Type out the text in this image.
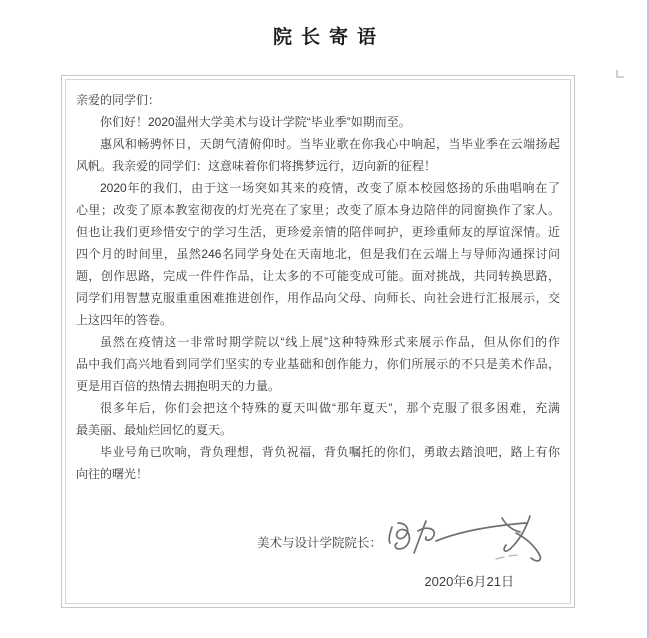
院长寄语
亲爱的同学们：
你们好！2020温州大学美术与设计学院“毕业季”如期而至。
惠风和畅骋怀日，天朗气清俯仰时。当毕业歌在你我心中响起，当毕业季在云端扬起
风帆。我亲爱的同学们：这意味着你们将携梦远行，迈向新的征程！
2020年的我们，由于这一场突如其来的疫情，改变了原本校园悠扬的乐曲唱响在了
心里；改变了原本教室彻夜的灯光亮在了家里；改变了原本身边陪伴的同窗换作了家人。
但也让我们更珍惜安宁的学习生活，更珍爱亲情的陪伴呵护，更珍重师友的厚谊深情。近
四个月的时间里，虽然246名同学身处在天南地北，但是我们在云端上与导师沟通探讨问
题，创作思路，完成一件件作品，让太多的不可能变成可能。面对挑战，共同转换思路，
同学们用智慧克服重重困难推进创作，用作品向父母、向师长、向社会进行汇报展示，交
上这四年的答卷。
虽然在疫情这一非常时期学院以“线上展”这种特殊形式来展示作品，但从你们的作
品中我们高兴地看到同学们坚实的专业基础和创作能力，你们所展示的不只是美术作品，
更是用百倍的热情去拥抱明天的力量。
很多年后，你们会把这个特殊的夏天叫做“那年夏天”，那个克服了很多困难，充满
最美丽、最灿烂回忆的夏天。
毕业号角已吹响，背负理想，背负祝福，背负嘱托的你们，勇敢去踏浪吧，路上有你
向往的曙光！
美术与设计学院院长：
2020年6月21日
